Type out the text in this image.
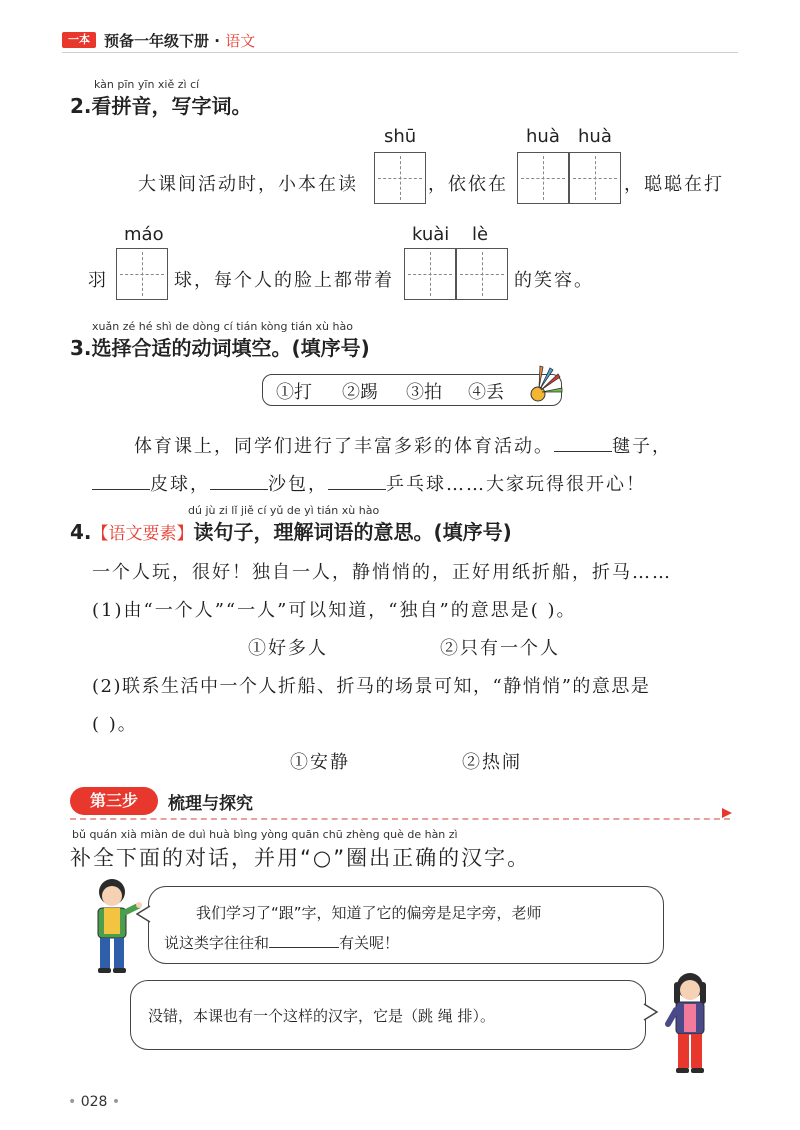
一本 预备一年级下册 · 语文
kàn pīn yīn xiě zì cí
2.看拼音，写字词。
shū	huà huà
大课间活动时，小本在读	，依依在	，聪聪在打
máo	kuài lè
羽	球，每个人的脸上都带着	的笑容。
xuǎn zé hé shì de dòng cí tián kòng tián xù hào
3.选择合适的动词填空。(填序号)
①打 ②踢 ③拍 ④丢
体育课上，同学们进行了丰富多彩的体育活动。	毽子，
皮球，	沙包，	乒乓球……大家玩得很开心！
dú jù zi lǐ jiě cí yǔ de yì tián xù hào
4.【语文要素】读句子，理解词语的意思。(填序号)
一个人玩，很好！独自一人，静悄悄的，正好用纸折船，折马……
(1)由“一个人”“一人”可以知道，“独自”的意思是( )。
①好多人	②只有一个人
(2)联系生活中一个人折船、折马的场景可知，“静悄悄”的意思是
( )。
①安静	②热闹
第三步	梳理与探究
bǔ quán xià miàn de duì huà bìng yòng quān chū zhèng què de hàn zì
补全下面的对话，并用“○”圈出正确的汉字。
我们学习了“跟”字，知道了它的偏旁是足字旁，老师
说这类字往往和	有关呢！
没错，本课也有一个这样的汉字，它是（跳 绳 排）。
• 028 •
